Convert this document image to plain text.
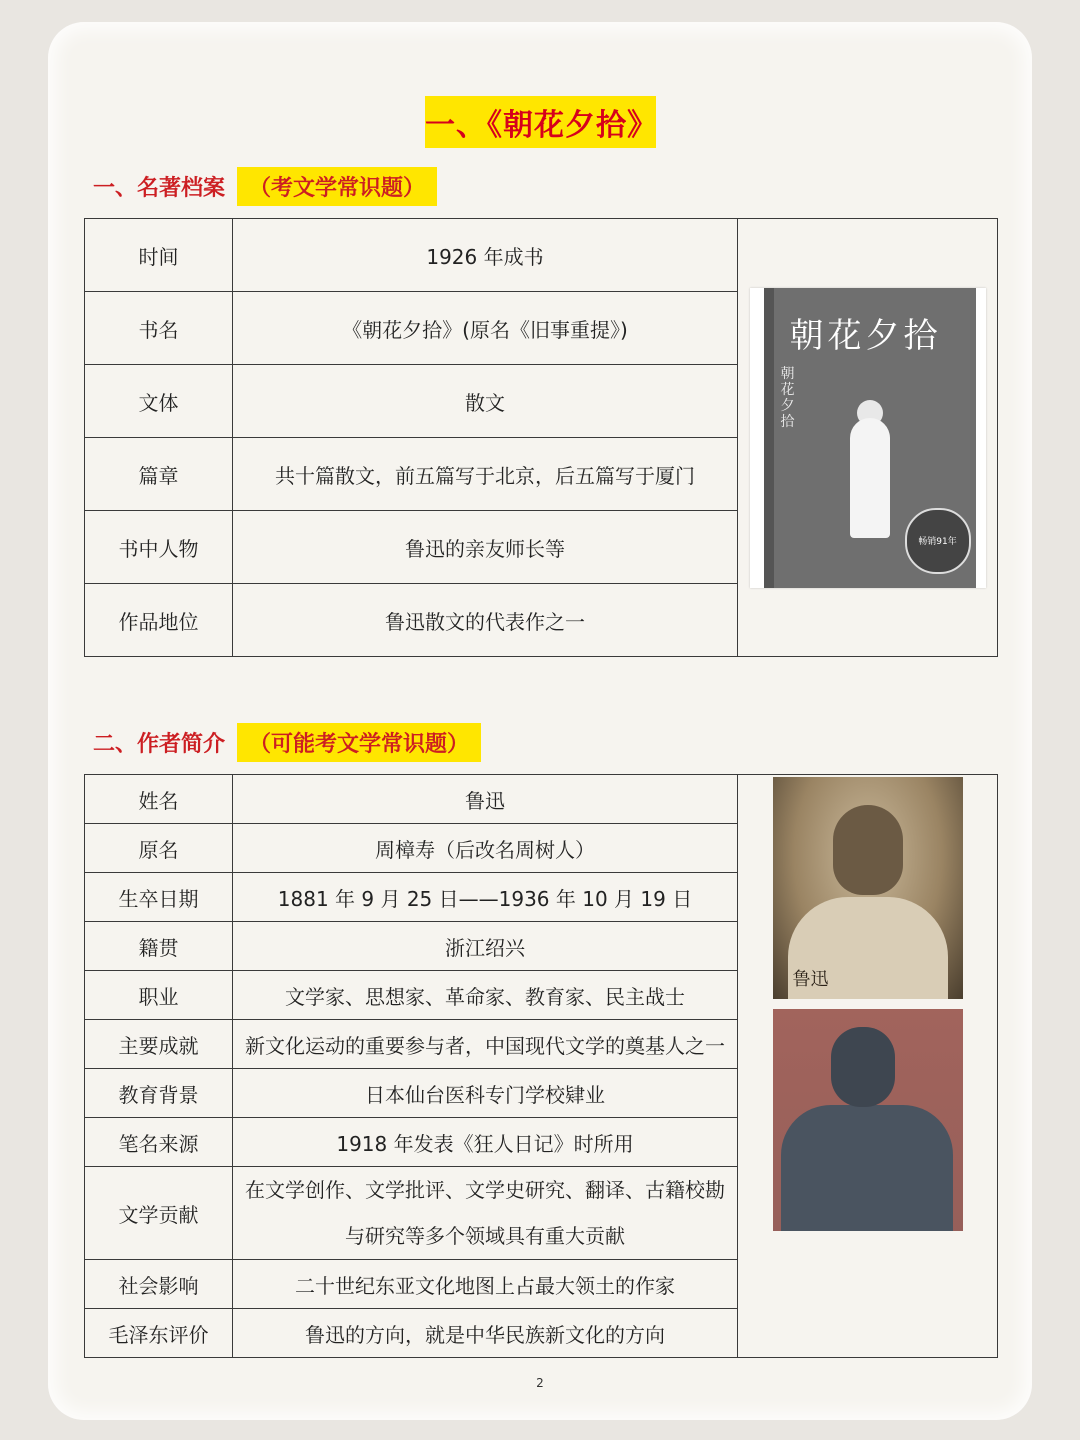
一、《朝花夕拾》
一、名著档案	（考文学常识题）
时间	1926 年成书	朝花夕拾
朝花夕拾
畅销91年

书名	《朝花夕拾》(原名《旧事重提》)	
文体	散文	
篇章	共十篇散文，前五篇写于北京，后五篇写于厦门	
书中人物	鲁迅的亲友师长等	
作品地位	鲁迅散文的代表作之一	
二、作者简介	（可能考文学常识题）
姓名	鲁迅	鲁迅

原名	周樟寿（后改名周树人）	
生卒日期	1881 年 9 月 25 日——1936 年 10 月 19 日	
籍贯	浙江绍兴	
职业	文学家、思想家、革命家、教育家、民主战士	
主要成就	新文化运动的重要参与者，中国现代文学的奠基人之一	
教育背景	日本仙台医科专门学校肄业	
笔名来源	1918 年发表《狂人日记》时所用	
文学贡献	在文学创作、文学批评、文学史研究、翻译、古籍校勘
与研究等多个领域具有重大贡献	

社会影响	二十世纪东亚文化地图上占最大领土的作家	
毛泽东评价	鲁迅的方向，就是中华民族新文化的方向	
2
